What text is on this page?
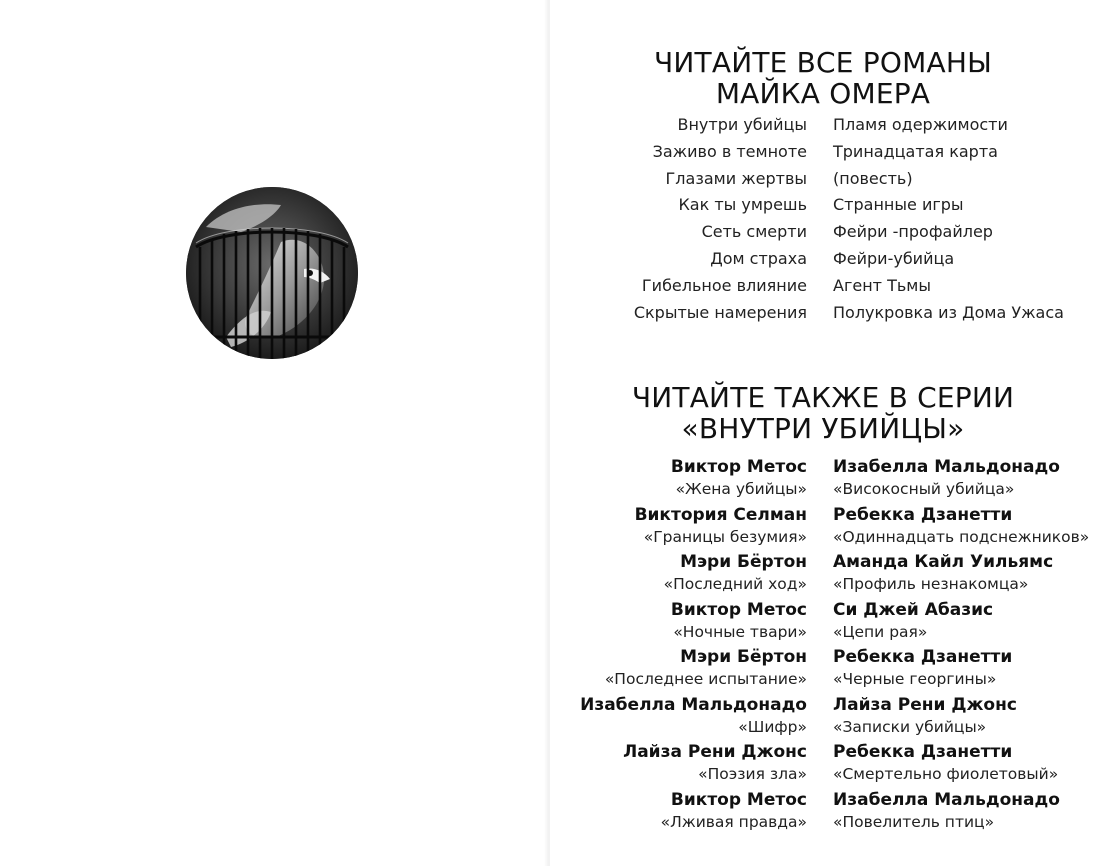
ЧИТАЙТЕ ВСЕ РОМАНЫ
МАЙКА ОМЕРА
Внутри убийцы
Заживо в темноте
Глазами жертвы
Как ты умрешь
Сеть смерти
Дом страха
Гибельное влияние
Скрытые намерения
Пламя одержимости
Тринадцатая карта
(повесть)
Странные игры
Фейри -профайлер
Фейри-убийца
Агент Тьмы
Полукровка из Дома Ужаса
ЧИТАЙТЕ ТАКЖЕ В СЕРИИ
«ВНУТРИ УБИЙЦЫ»
Виктор Метос
«Жена убийцы»
Виктория Селман
«Границы безумия»
Мэри Бёртон
«Последний ход»
Виктор Метос
«Ночные твари»
Мэри Бёртон
«Последнее испытание»
Изабелла Мальдонадо
«Шифр»
Лайза Рени Джонс
«Поэзия зла»
Виктор Метос
«Лживая правда»
Изабелла Мальдонадо
«Високосный убийца»
Ребекка Дзанетти
«Одиннадцать подснежников»
Аманда Кайл Уильямс
«Профиль незнакомца»
Си Джей Абазис
«Цепи рая»
Ребекка Дзанетти
«Черные георгины»
Лайза Рени Джонс
«Записки убийцы»
Ребекка Дзанетти
«Смертельно фиолетовый»
Изабелла Мальдонадо
«Повелитель птиц»
